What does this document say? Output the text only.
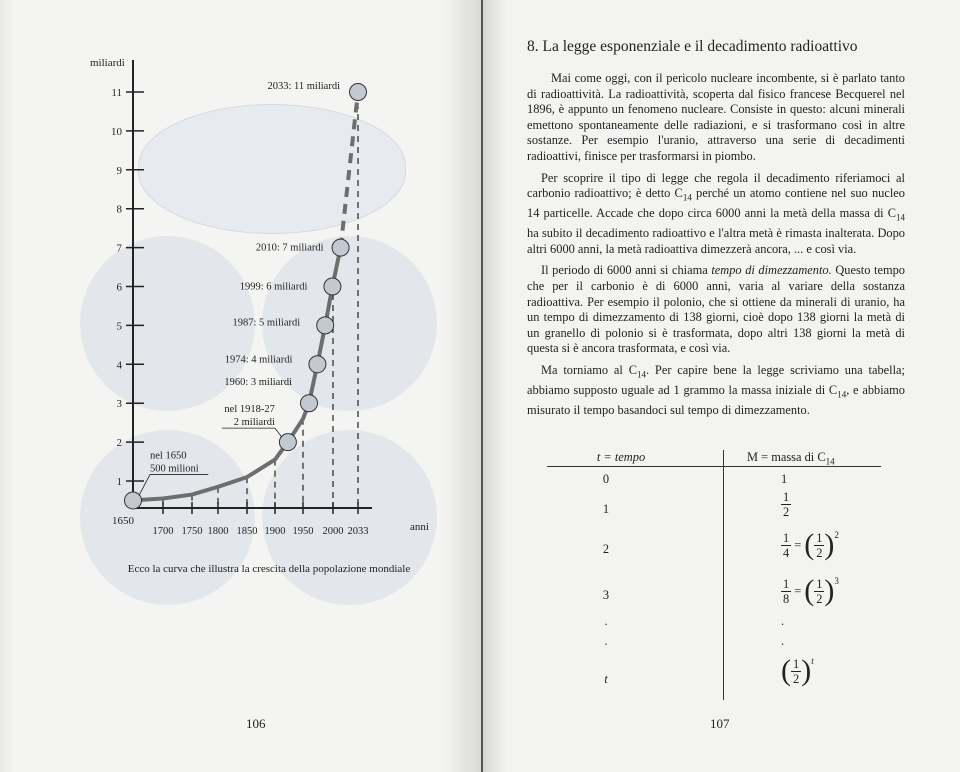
1
2
3
4
5
6
7
8
9
10
11
1700 1750 1800 1850 1900 1950 2000 2033
nel 1650
500 milioni
nel 1918-27
2 miliardi
1960: 3 miliardi
1974: 4 miliardi
1987: 5 miliardi
1999: 6 miliardi
2010: 7 miliardi
2033: 11 miliardi
miliardi
anni
1650
Ecco la curva che illustra la crescita della popolazione mondiale
106
8. La legge esponenziale e il decadimento radioattivo

Mai come oggi, con il pericolo nucleare incombente, si è parlato tanto di radioattività. La radioattività, scoperta dal fisico francese Becquerel nel 1896, è appunto un fenomeno nucleare. Consiste in questo: alcuni minerali emettono spontaneamente delle radiazioni, e si trasformano così in altre sostanze. Per esempio l'uranio, attraverso una serie di decadimenti radioattivi, finisce per trasformarsi in piombo.

Per scoprire il tipo di legge che regola il decadimento riferiamoci al carbonio radioattivo; è detto $C_{14}$ perché un atomo contiene nel suo nucleo 14 particelle. Accade che dopo circa 6000 anni la metà della massa di $C_{14}$ ha subito il decadimento radioattivo e l'altra metà è rimasta inalterata. Dopo altri 6000 anni, la metà radioattiva dimezzerà ancora, ... e così via.

Il periodo di 6000 anni si chiama tempo di dimezzamento. Questo tempo che per il carbonio è di 6000 anni, varia al variare della sostanza radioattiva. Per esempio il polonio, che si ottiene da minerali di uranio, ha un tempo di dimezzamento di 138 giorni, cioè dopo 138 giorni la metà di un granello di polonio si è trasformata, dopo altri 138 giorni la metà di questa si è ancora trasformata, e così via.

Ma torniamo al $C_{14}$. Per capire bene la legge scriviamo una tabella; abbiamo supposto uguale ad 1 grammo la massa iniziale di $C_{14}$, e abbiamo misurato il tempo basandoci sul tempo di dimezzamento.

t = tempo	M = massa di $C_{14}$
0
1
2
3
.
.
t
1
$\frac{1}{2}$
$\frac{1}{4}$ = ( $\frac{1}{2} )^2$
$\frac{1}{8}$ = ( $\frac{1}{2} )^3$
.
.
( $\frac{1}{2} )^t$
107
